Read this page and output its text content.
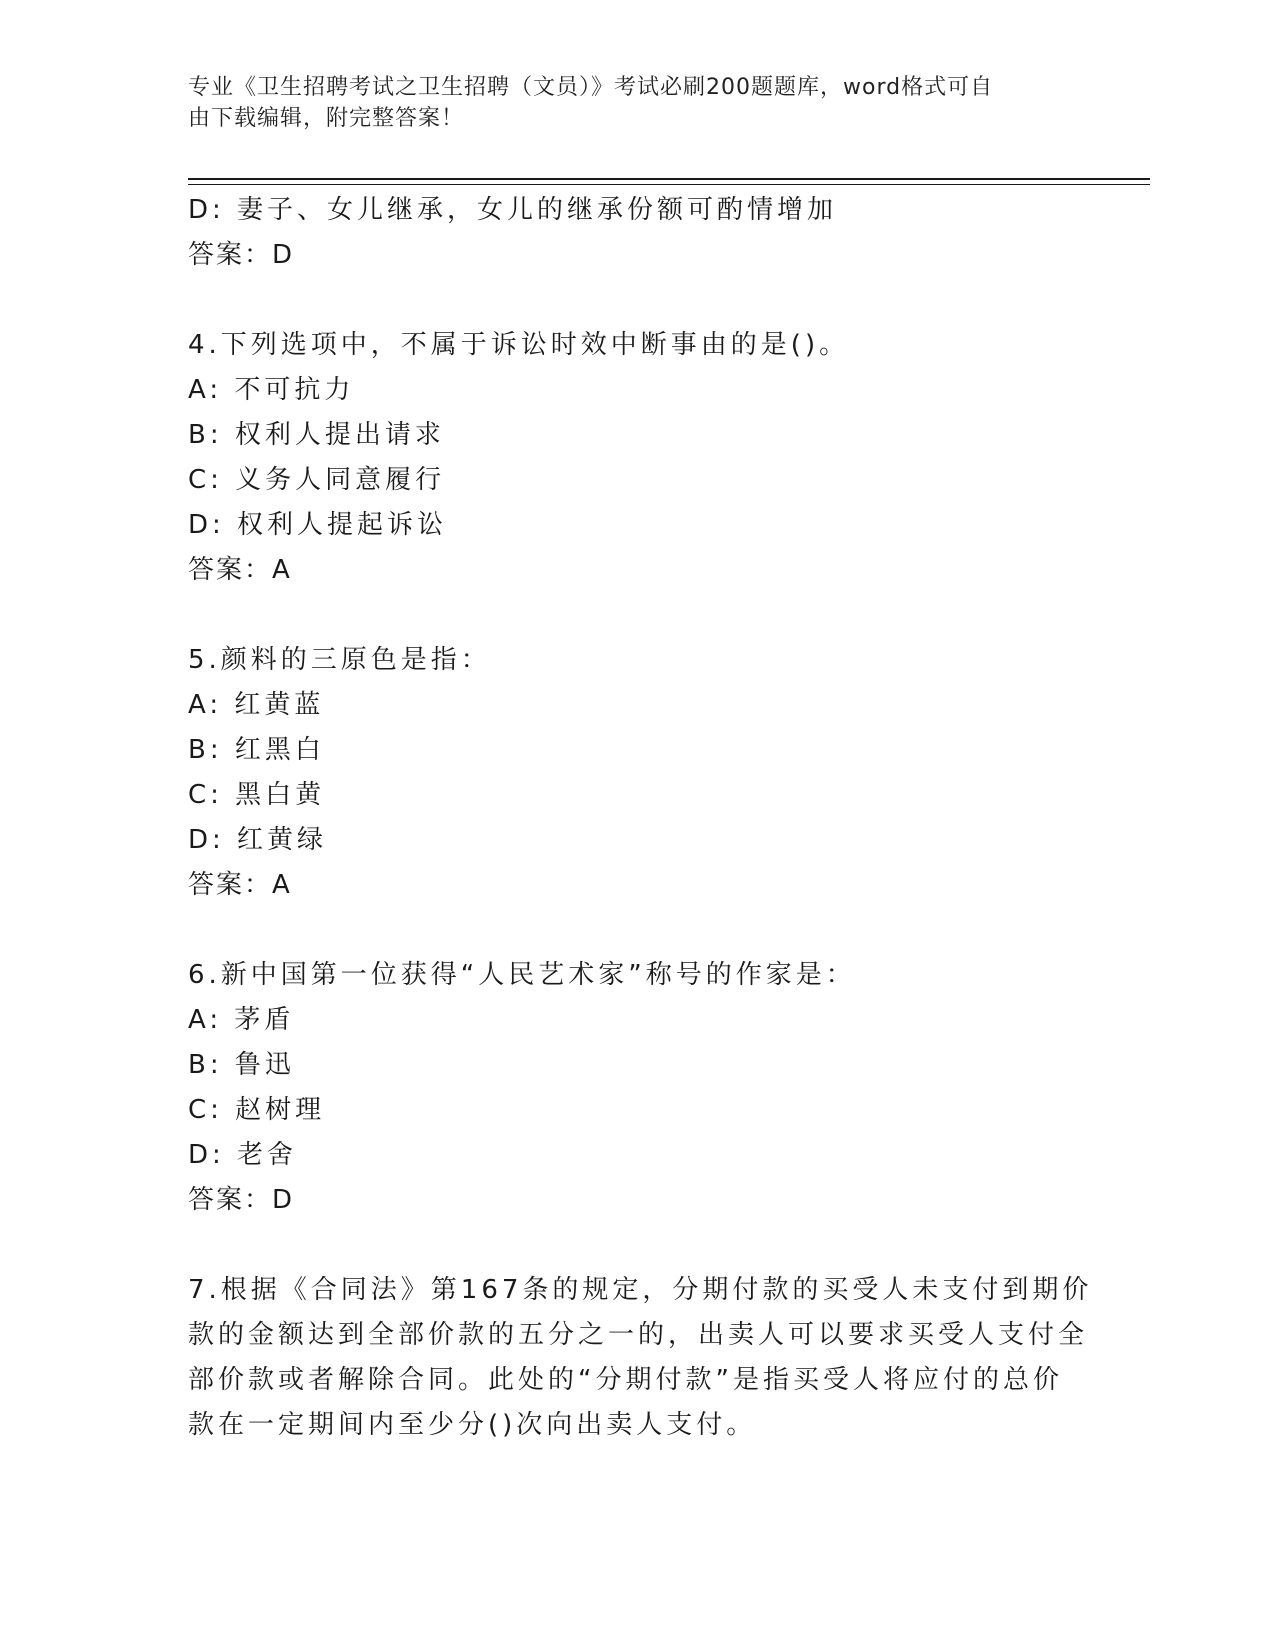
专业《卫生招聘考试之卫生招聘（文员）》考试必刷200题题库，word格式可自
由下载编辑，附完整答案！
D: 妻子、女儿继承，女儿的继承份额可酌情增加
答案：D
4.下列选项中，不属于诉讼时效中断事由的是()。
A: 不可抗力
B: 权利人提出请求
C: 义务人同意履行
D: 权利人提起诉讼
答案：A
5.颜料的三原色是指：
A: 红黄蓝
B: 红黑白
C: 黑白黄
D: 红黄绿
答案：A
6.新中国第一位获得“人民艺术家”称号的作家是：
A: 茅盾
B: 鲁迅
C: 赵树理
D: 老舍
答案：D
7.根据《合同法》第167条的规定，分期付款的买受人未支付到期价
款的金额达到全部价款的五分之一的，出卖人可以要求买受人支付全
部价款或者解除合同。此处的“分期付款”是指买受人将应付的总价
款在一定期间内至少分()次向出卖人支付。
